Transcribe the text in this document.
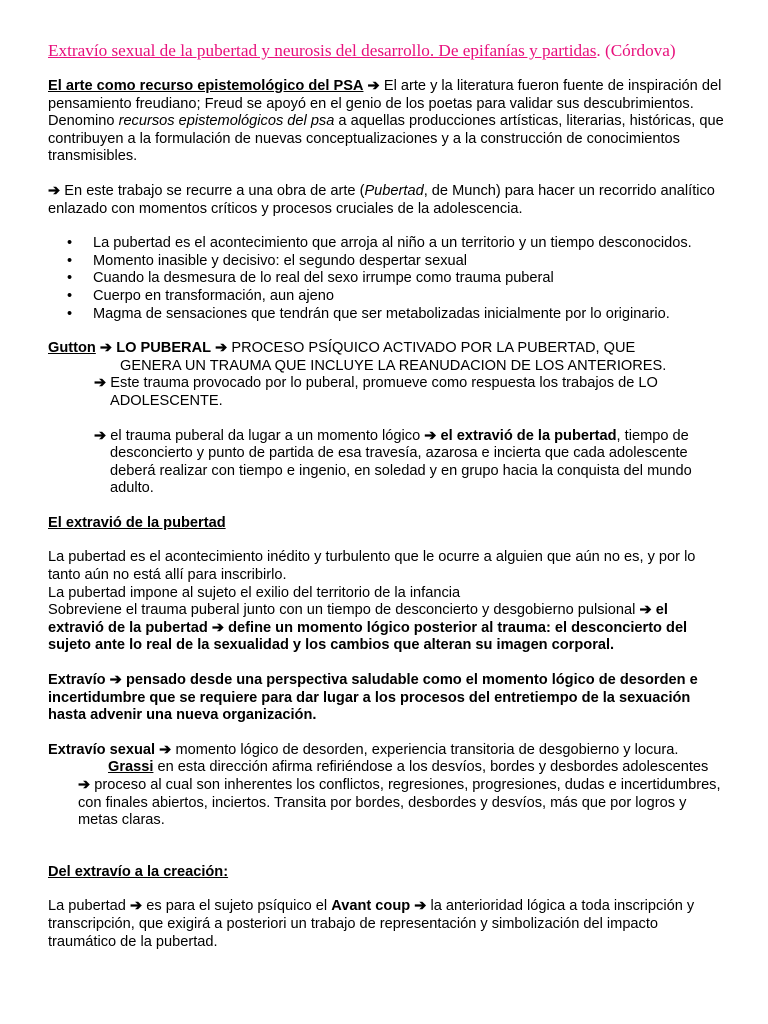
Extravío sexual de la pubertad y neurosis del desarrollo. De epifanías y partidas. (Córdova)

El arte como recurso epistemológico del PSA ➔ El arte y la literatura fueron fuente de inspiración del pensamiento freudiano; Freud se apoyó en el genio de los poetas para validar sus descubrimientos. Denomino recursos epistemológicos del psa a aquellas producciones artísticas, literarias, históricas, que contribuyen a la formulación de nuevas conceptualizaciones y a la construcción de conocimientos transmisibles.

➔ En este trabajo se recurre a una obra de arte (Pubertad, de Munch) para hacer un recorrido analítico enlazado con momentos críticos y procesos cruciales de la adolescencia.

• La pubertad es el acontecimiento que arroja al niño a un territorio y un tiempo desconocidos.
• Momento inasible y decisivo: el segundo despertar sexual
• Cuando la desmesura de lo real del sexo irrumpe como trauma puberal
• Cuerpo en transformación, aun ajeno
• Magma de sensaciones que tendrán que ser metabolizadas inicialmente por lo originario.

Gutton ➔ LO PUBERAL ➔ PROCESO PSÍQUICO ACTIVADO POR LA PUBERTAD, QUE

GENERA UN TRAUMA QUE INCLUYE LA REANUDACION DE LOS ANTERIORES.

➔ Este trauma provocado por lo puberal, promueve como respuesta los trabajos de LO ADOLESCENTE.

➔ el trauma puberal da lugar a un momento lógico ➔ el extravió de la pubertad, tiempo de desconcierto y punto de partida de esa travesía, azarosa e incierta que cada adolescente deberá realizar con tiempo e ingenio, en soledad y en grupo hacia la conquista del mundo adulto.

El extravió de la pubertad

La pubertad es el acontecimiento inédito y turbulento que le ocurre a alguien que aún no es, y por lo tanto aún no está allí para inscribirlo.

La pubertad impone al sujeto el exilio del territorio de la infancia

Sobreviene el trauma puberal junto con un tiempo de desconcierto y desgobierno pulsional ➔ el extravió de la pubertad ➔ define un momento lógico posterior al trauma: el desconcierto del sujeto ante lo real de la sexualidad y los cambios que alteran su imagen corporal.

Extravío ➔ pensado desde una perspectiva saludable como el momento lógico de desorden e incertidumbre que se requiere para dar lugar a los procesos del entretiempo de la sexuación hasta advenir una nueva organización.

Extravío sexual ➔ momento lógico de desorden, experiencia transitoria de desgobierno y locura.

Grassi en esta dirección afirma refiriéndose a los desvíos, bordes y desbordes adolescentes ➔ proceso al cual son inherentes los conflictos, regresiones, progresiones, dudas e incertidumbres, con finales abiertos, inciertos. Transita por bordes, desbordes y desvíos, más que por logros y metas claras.

Del extravío a la creación:

La pubertad ➔ es para el sujeto psíquico el Avant coup ➔ la anterioridad lógica a toda inscripción y transcripción, que exigirá a posteriori un trabajo de representación y simbolización del impacto traumático de la pubertad.
